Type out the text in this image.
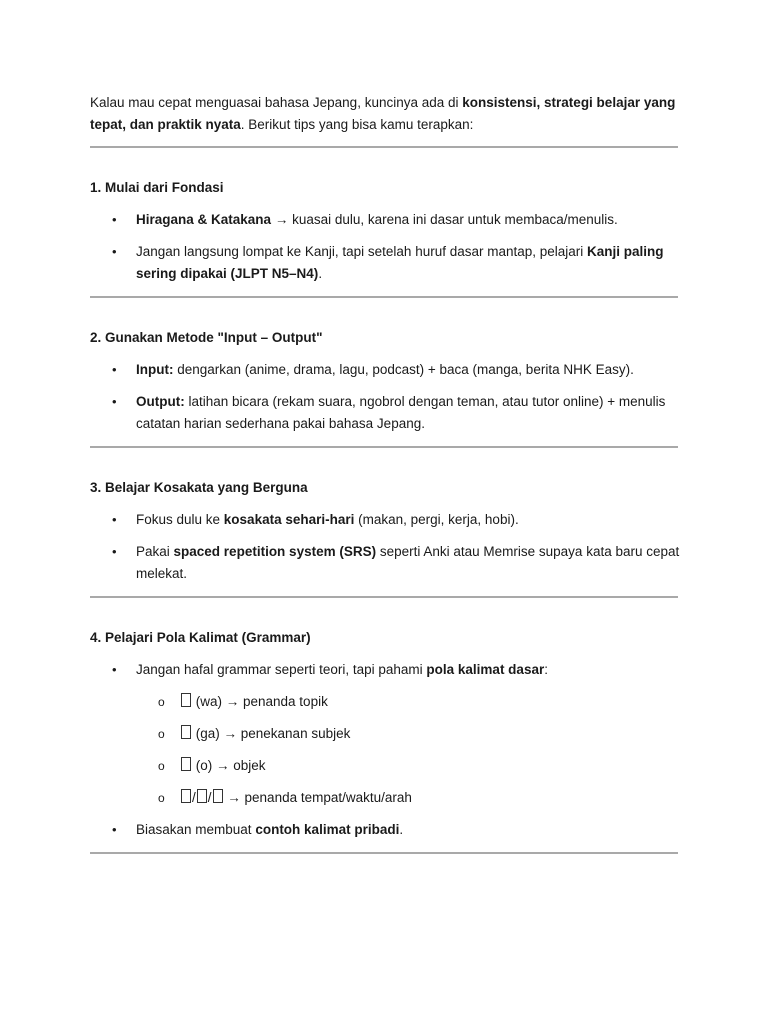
Kalau mau cepat menguasai bahasa Jepang, kuncinya ada di konsistensi, strategi belajar yang tepat, dan praktik nyata. Berikut tips yang bisa kamu terapkan:
1. Mulai dari Fondasi
•	Hiragana & Katakana → kuasai dulu, karena ini dasar untuk membaca/menulis.
•	Jangan langsung lompat ke Kanji, tapi setelah huruf dasar mantap, pelajari Kanji paling sering dipakai (JLPT N5–N4).
2. Gunakan Metode "Input – Output"
•	Input: dengarkan (anime, drama, lagu, podcast) + baca (manga, berita NHK Easy).
•	Output: latihan bicara (rekam suara, ngobrol dengan teman, atau tutor online) + menulis catatan harian sederhana pakai bahasa Jepang.
3. Belajar Kosakata yang Berguna
•	Fokus dulu ke kosakata sehari-hari (makan, pergi, kerja, hobi).
•	Pakai spaced repetition system (SRS) seperti Anki atau Memrise supaya kata baru cepat melekat.
4. Pelajari Pola Kalimat (Grammar)
•	Jangan hafal grammar seperti teori, tapi pahami pola kalimat dasar:
o	(wa) → penanda topik
o	(ga) → penekanan subjek
o	(o) → objek
o	/ / → penanda tempat/waktu/arah
•	Biasakan membuat contoh kalimat pribadi.
